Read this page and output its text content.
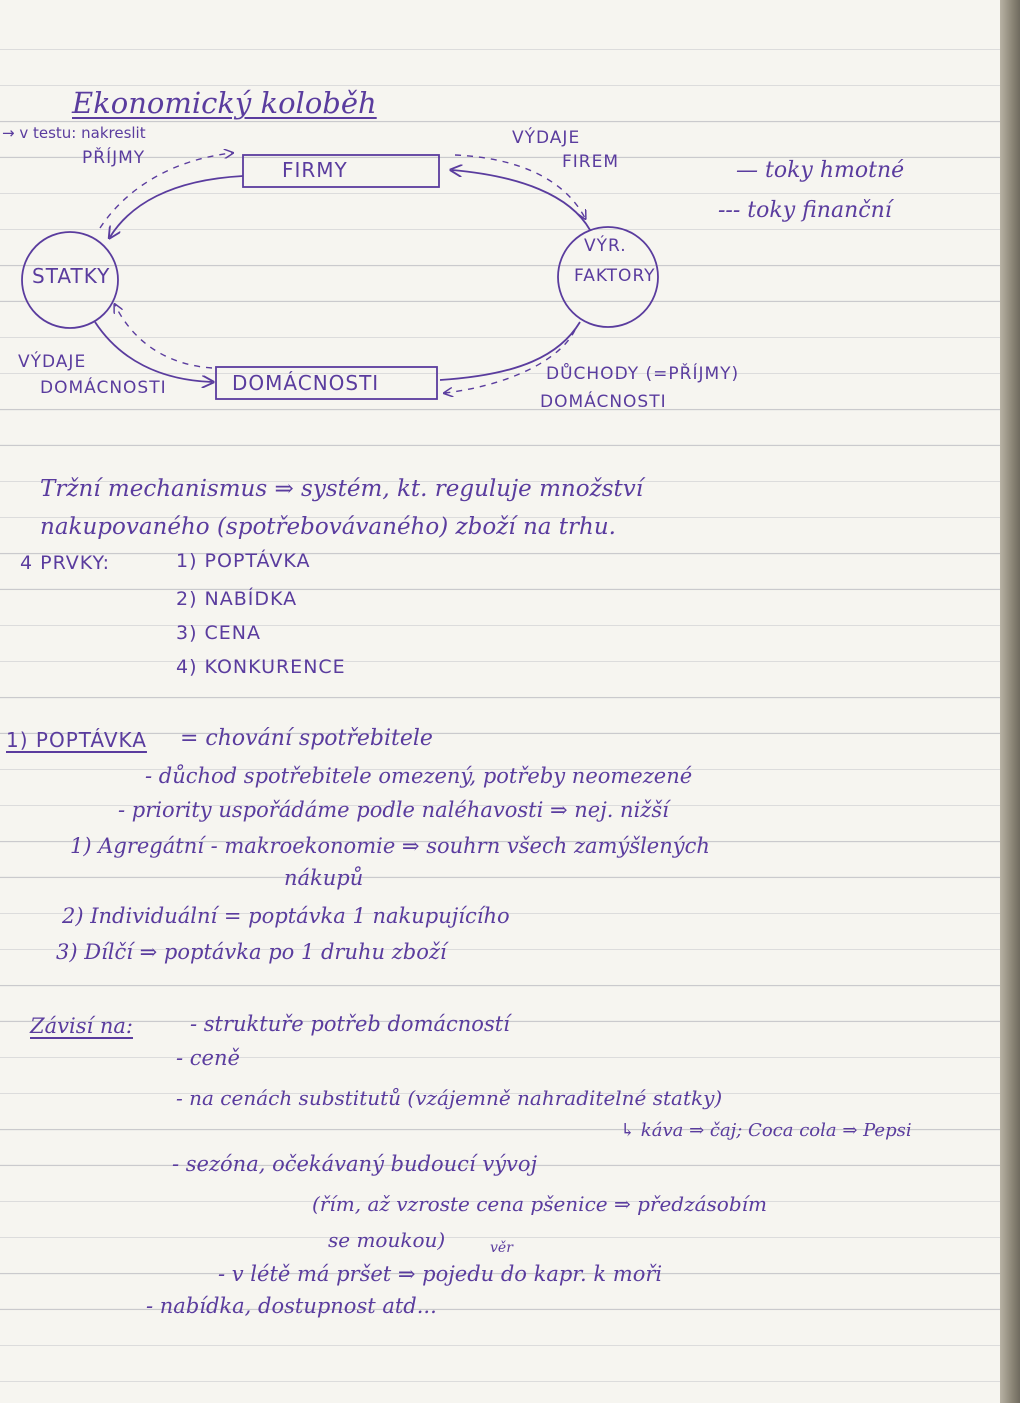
Ekonomický koloběh
→ v testu: nakreslit
PŘÍJMY
VÝDAJE
FIREM
FIRMY
STATKY
VÝR.
FAKTORY
DOMÁCNOSTI
VÝDAJE
DOMÁCNOSTI
DŮCHODY (=PŘÍJMY)
DOMÁCNOSTI
— toky hmotné
--- toky finanční
Tržní mechanismus ⇒ systém, kt. reguluje množství
nakupovaného (spotřebovávaného) zboží na trhu.
4 PRVKY:	1) POPTÁVKA
2) NABÍDKA
3) CENA
4) KONKURENCE
1) POPTÁVKA = chování spotřebitele
- důchod spotřebitele omezený, potřeby neomezené
- priority uspořádáme podle naléhavosti ⇒ nej. nižší
1) Agregátní - makroekonomie ⇒ souhrn všech zamýšlených
nákupů
2) Individuální = poptávka 1 nakupujícího
3) Dílčí ⇒ poptávka po 1 druhu zboží
Závisí na:	- struktuře potřeb domácností
- ceně
- na cenách substitutů (vzájemně nahraditelné statky)
↳ káva ⇒ čaj; Coca cola ⇒ Pepsi
- sezóna, očekávaný budoucí vývoj
(řím, až vzroste cena pšenice ⇒ předzásobím
se moukou)	věr
- v létě má pršet ⇒ pojedu do kapr. k moři
- nabídka, dostupnost atd...
